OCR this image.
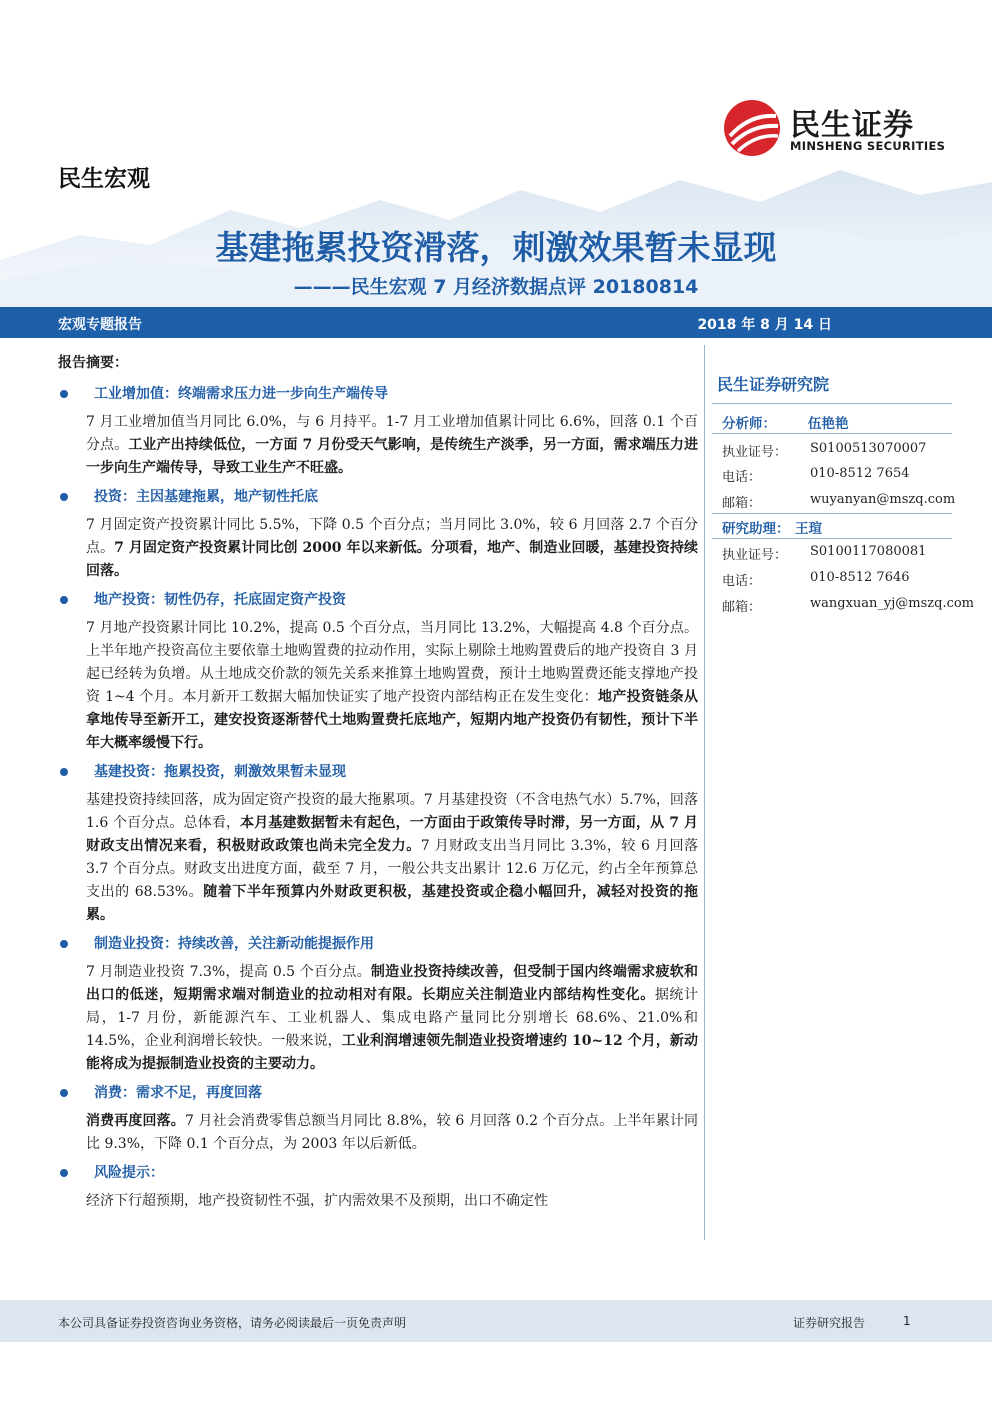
民生证券
MINSHENG SECURITIES
民生宏观
基建拖累投资滑落，刺激效果暂未显现
———民生宏观 7 月经济数据点评 20180814
宏观专题报告	2018 年 8 月 14 日
报告摘要：
工业增加值：终端需求压力进一步向生产端传导

7 月工业增加值当月同比 6.0%，与 6 月持平。1-7 月工业增加值累计同比 6.6%，回落 0.1 个百分点。工业产出持续低位，一方面 7 月份受天气影响，是传统生产淡季，另一方面，需求端压力进一步向生产端传导，导致工业生产不旺盛。

投资：主因基建拖累，地产韧性托底

7 月固定资产投资累计同比 5.5%，下降 0.5 个百分点；当月同比 3.0%，较 6 月回落 2.7 个百分点。7 月固定资产投资累计同比创 2000 年以来新低。分项看，地产、制造业回暖，基建投资持续回落。

地产投资：韧性仍存，托底固定资产投资

7 月地产投资累计同比 10.2%，提高 0.5 个百分点，当月同比 13.2%，大幅提高 4.8 个百分点。上半年地产投资高位主要依靠土地购置费的拉动作用，实际上剔除土地购置费后的地产投资自 3 月起已经转为负增。从土地成交价款的领先关系来推算土地购置费，预计土地购置费还能支撑地产投资 1~4 个月。本月新开工数据大幅加快证实了地产投资内部结构正在发生变化：地产投资链条从拿地传导至新开工，建安投资逐渐替代土地购置费托底地产，短期内地产投资仍有韧性，预计下半年大概率缓慢下行。

基建投资：拖累投资，刺激效果暂未显现

基建投资持续回落，成为固定资产投资的最大拖累项。7 月基建投资（不含电热气水）5.7%，回落 1.6 个百分点。总体看，本月基建数据暂未有起色，一方面由于政策传导时滞，另一方面，从 7 月财政支出情况来看，积极财政政策也尚未完全发力。7 月财政支出当月同比 3.3%，较 6 月回落 3.7 个百分点。财政支出进度方面，截至 7 月，一般公共支出累计 12.6 万亿元，约占全年预算总支出的 68.53%。随着下半年预算内外财政更积极，基建投资或企稳小幅回升，减轻对投资的拖累。

制造业投资：持续改善，关注新动能提振作用

7 月制造业投资 7.3%，提高 0.5 个百分点。制造业投资持续改善，但受制于国内终端需求疲软和出口的低迷，短期需求端对制造业的拉动相对有限。长期应关注制造业内部结构性变化。据统计局，1-7 月份，新能源汽车、工业机器人、集成电路产量同比分别增长 68.6%、21.0%和 14.5%，企业利润增长较快。一般来说，工业利润增速领先制造业投资增速约 10~12 个月，新动能将成为提振制造业投资的主要动力。

消费：需求不足，再度回落

消费再度回落。7 月社会消费零售总额当月同比 8.8%，较 6 月回落 0.2 个百分点。上半年累计同比 9.3%，下降 0.1 个百分点，为 2003 年以后新低。

风险提示：

经济下行超预期，地产投资韧性不强，扩内需效果不及预期，出口不确定性

民生证券研究院
分析师： 伍艳艳
执业证号： S0100513070007
电话：	010-8512 7654
邮箱：	wuyanyan@mszq.com
研究助理： 王瑄
执业证号： S0100117080081
电话：	010-8512 7646
邮箱：	wangxuan_yj@mszq.com
本公司具备证券投资咨询业务资格，请务必阅读最后一页免责声明	证券研究报告	1
